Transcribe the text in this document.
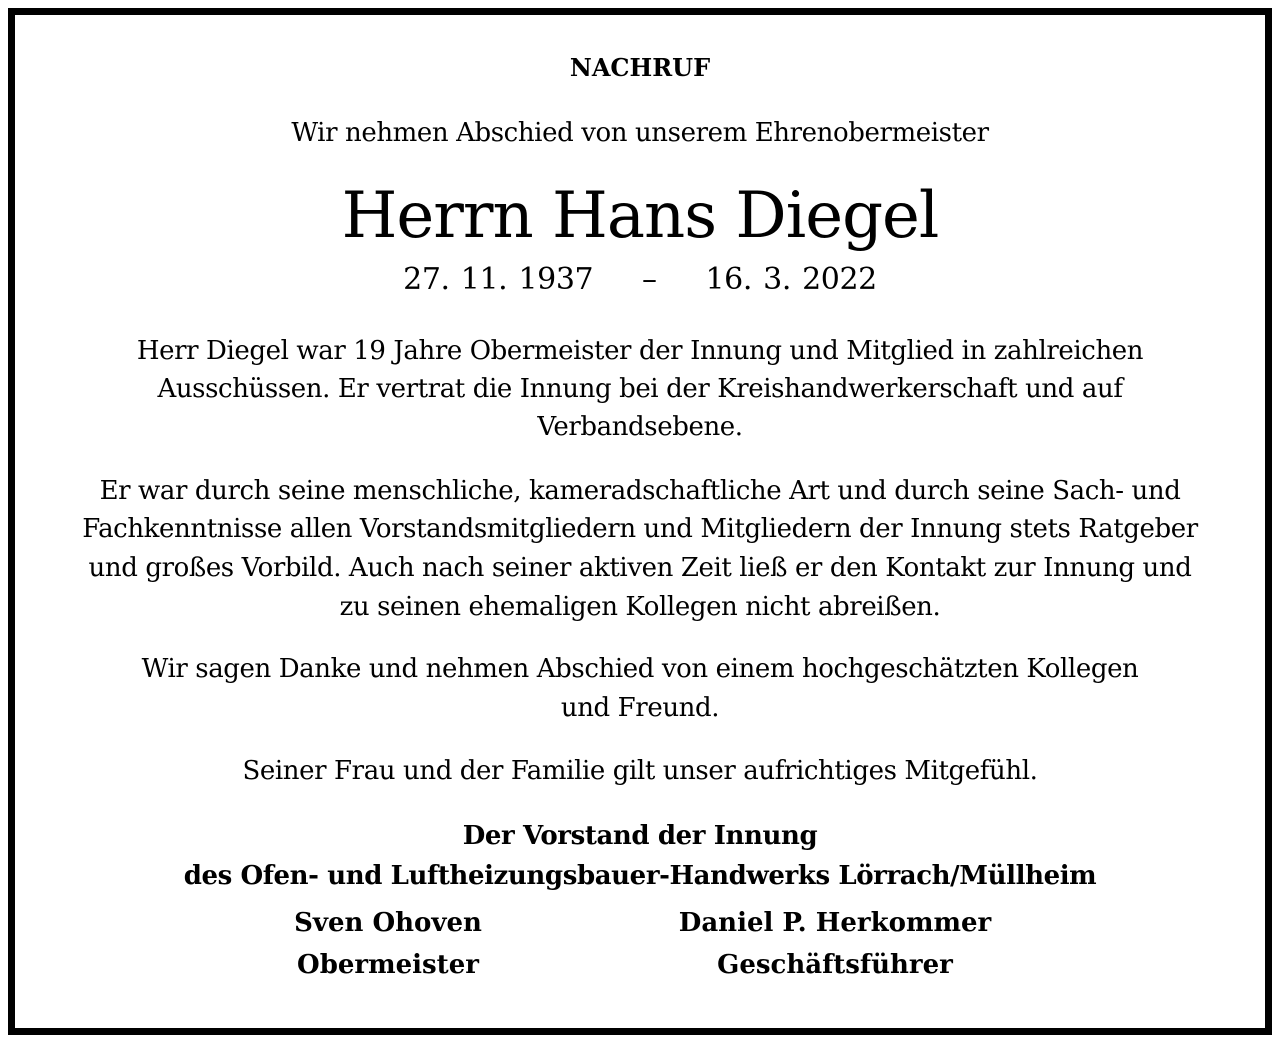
NACHRUF
Wir nehmen Abschied von unserem Ehrenobermeister
Herrn Hans Diegel
27. 11. 1937 – 16. 3. 2022
Herr Diegel war 19 Jahre Obermeister der Innung und Mitglied in zahlreichen
Ausschüssen. Er vertrat die Innung bei der Kreishandwerkerschaft und auf
Verbandsebene.
Er war durch seine menschliche, kameradschaftliche Art und durch seine Sach- und
Fachkenntnisse allen Vorstandsmitgliedern und Mitgliedern der Innung stets Ratgeber
und großes Vorbild. Auch nach seiner aktiven Zeit ließ er den Kontakt zur Innung und
zu seinen ehemaligen Kollegen nicht abreißen.
Wir sagen Danke und nehmen Abschied von einem hochgeschätzten Kollegen
und Freund.
Seiner Frau und der Familie gilt unser aufrichtiges Mitgefühl.
Der Vorstand der Innung
des Ofen- und Luftheizungsbauer-Handwerks Lörrach/Müllheim
Sven Ohoven
Obermeister
Daniel P. Herkommer
Geschäftsführer
